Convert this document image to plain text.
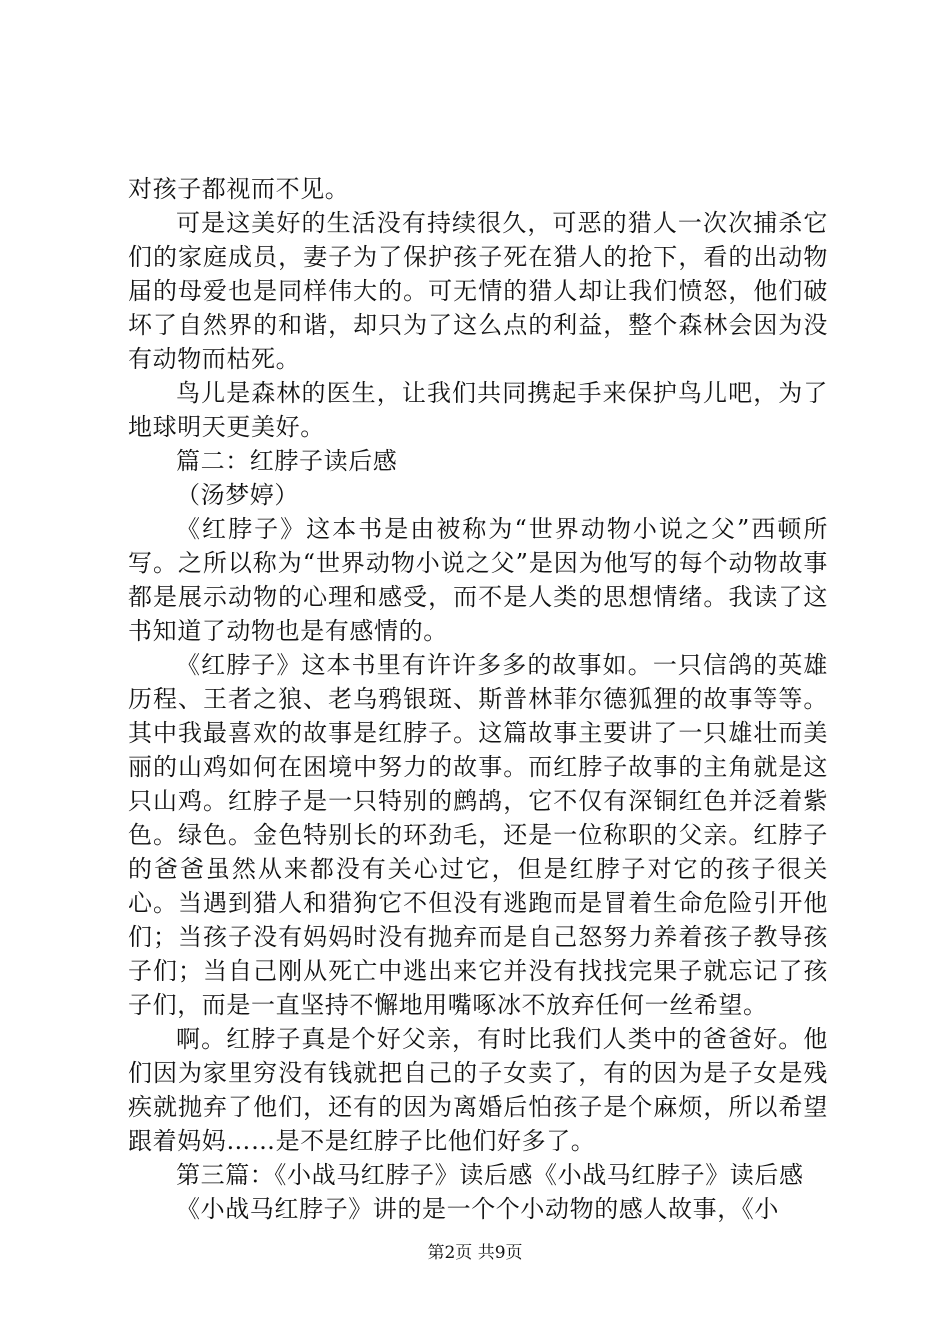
对孩子都视而不见。

可是这美好的生活没有持续很久，可恶的猎人一次次捕杀它们的家庭成员，妻子为了保护孩子死在猎人的抢下，看的出动物届的母爱也是同样伟大的。可无情的猎人却让我们愤怒，他们破坏了自然界的和谐，却只为了这么点的利益，整个森林会因为没有动物而枯死。

鸟儿是森林的医生，让我们共同携起手来保护鸟儿吧，为了地球明天更美好。

篇二：红脖子读后感

（汤梦婷）

《红脖子》这本书是由被称为“世界动物小说之父”西顿所写。之所以称为“世界动物小说之父”是因为他写的每个动物故事都是展示动物的心理和感受，而不是人类的思想情绪。我读了这书知道了动物也是有感情的。

《红脖子》这本书里有许许多多的故事如。一只信鸽的英雄历程、王者之狼、老乌鸦银斑、斯普林菲尔德狐狸的故事等等。其中我最喜欢的故事是红脖子。这篇故事主要讲了一只雄壮而美丽的山鸡如何在困境中努力的故事。而红脖子故事的主角就是这只山鸡。红脖子是一只特别的鹧鸪，它不仅有深铜红色并泛着紫色。绿色。金色特别长的环劲毛，还是一位称职的父亲。红脖子的爸爸虽然从来都没有关心过它，但是红脖子对它的孩子很关心。当遇到猎人和猎狗它不但没有逃跑而是冒着生命危险引开他们；当孩子没有妈妈时没有抛弃而是自己怒努力养着孩子教导孩子们；当自己刚从死亡中逃出来它并没有找找完果子就忘记了孩子们，而是一直坚持不懈地用嘴啄冰不放弃任何一丝希望。

啊。红脖子真是个好父亲，有时比我们人类中的爸爸好。他们因为家里穷没有钱就把自己的子女卖了，有的因为是子女是残疾就抛弃了他们，还有的因为离婚后怕孩子是个麻烦，所以希望跟着妈妈……是不是红脖子比他们好多了。

第三篇：《小战马红脖子》读后感《小战马红脖子》读后感

《小战马红脖子》讲的是一个个小动物的感人故事，《小

第2页 共9页
